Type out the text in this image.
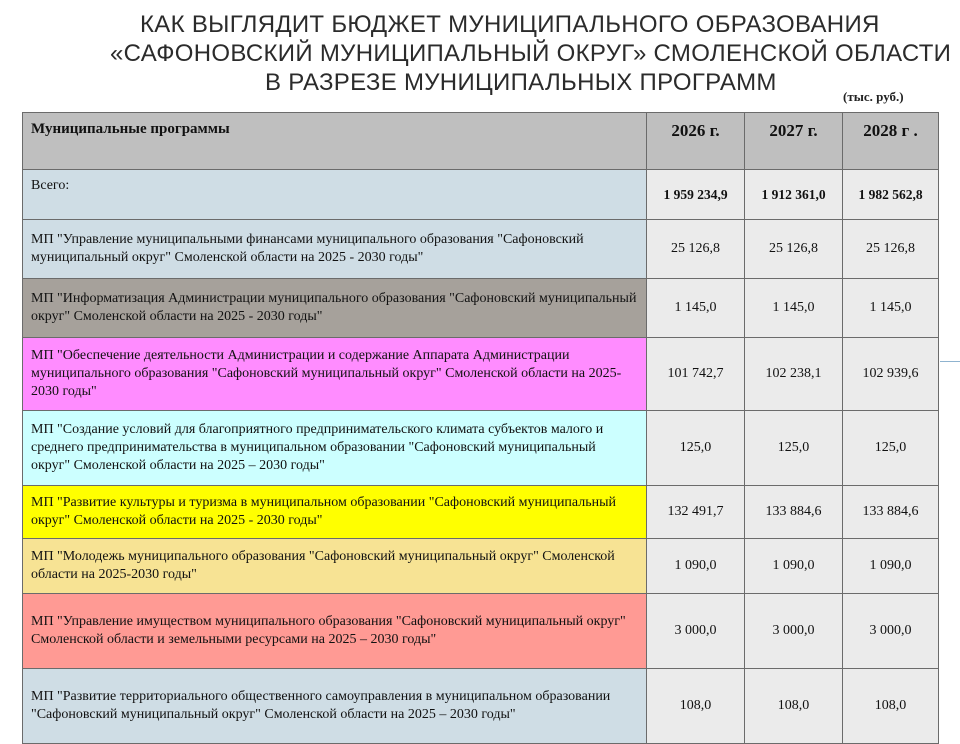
КАК ВЫГЛЯДИТ БЮДЖЕТ МУНИЦИПАЛЬНОГО ОБРАЗОВАНИЯ
«САФОНОВСКИЙ МУНИЦИПАЛЬНЫЙ ОКРУГ» СМОЛЕНСКОЙ ОБЛАСТИ
В РАЗРЕЗЕ МУНИЦИПАЛЬНЫХ ПРОГРАММ
(тыс. руб.)
Муниципальные программы	2026 г.	2027 г.	2028 г .
Всего:	1 959 234,9	1 912 361,0	1 982 562,8
МП "Управление муниципальными финансами муниципального образования "Сафоновский муниципальный округ" Смоленской области на 2025 - 2030 годы"	25 126,8	25 126,8	25 126,8
МП "Информатизация Администрации муниципального образования "Сафоновский муниципальный округ" Смоленской области на 2025 - 2030 годы"	1 145,0	1 145,0	1 145,0
МП "Обеспечение деятельности Администрации и содержание Аппарата Администрации муниципального образования "Сафоновский муниципальный округ" Смоленской области на 2025-2030 годы"	101 742,7	102 238,1	102 939,6
МП "Создание условий для благоприятного предпринимательского климата субъектов малого и среднего предпринимательства в муниципальном образовании "Сафоновский муниципальный округ" Смоленской области на 2025 – 2030 годы"	125,0	125,0	125,0
МП "Развитие культуры и туризма в муниципальном образовании "Сафоновский муниципальный округ" Смоленской области на 2025 - 2030 годы"	132 491,7	133 884,6	133 884,6
МП "Молодежь муниципального образования "Сафоновский муниципальный округ" Смоленской области на 2025-2030 годы"	1 090,0	1 090,0	1 090,0
МП "Управление имуществом муниципального образования "Сафоновский муниципальный округ" Смоленской области и земельными ресурсами на 2025 – 2030 годы"	3 000,0	3 000,0	3 000,0
МП "Развитие территориального общественного самоуправления в муниципальном образовании "Сафоновский муниципальный округ" Смоленской области на 2025 – 2030 годы"	108,0	108,0	108,0
